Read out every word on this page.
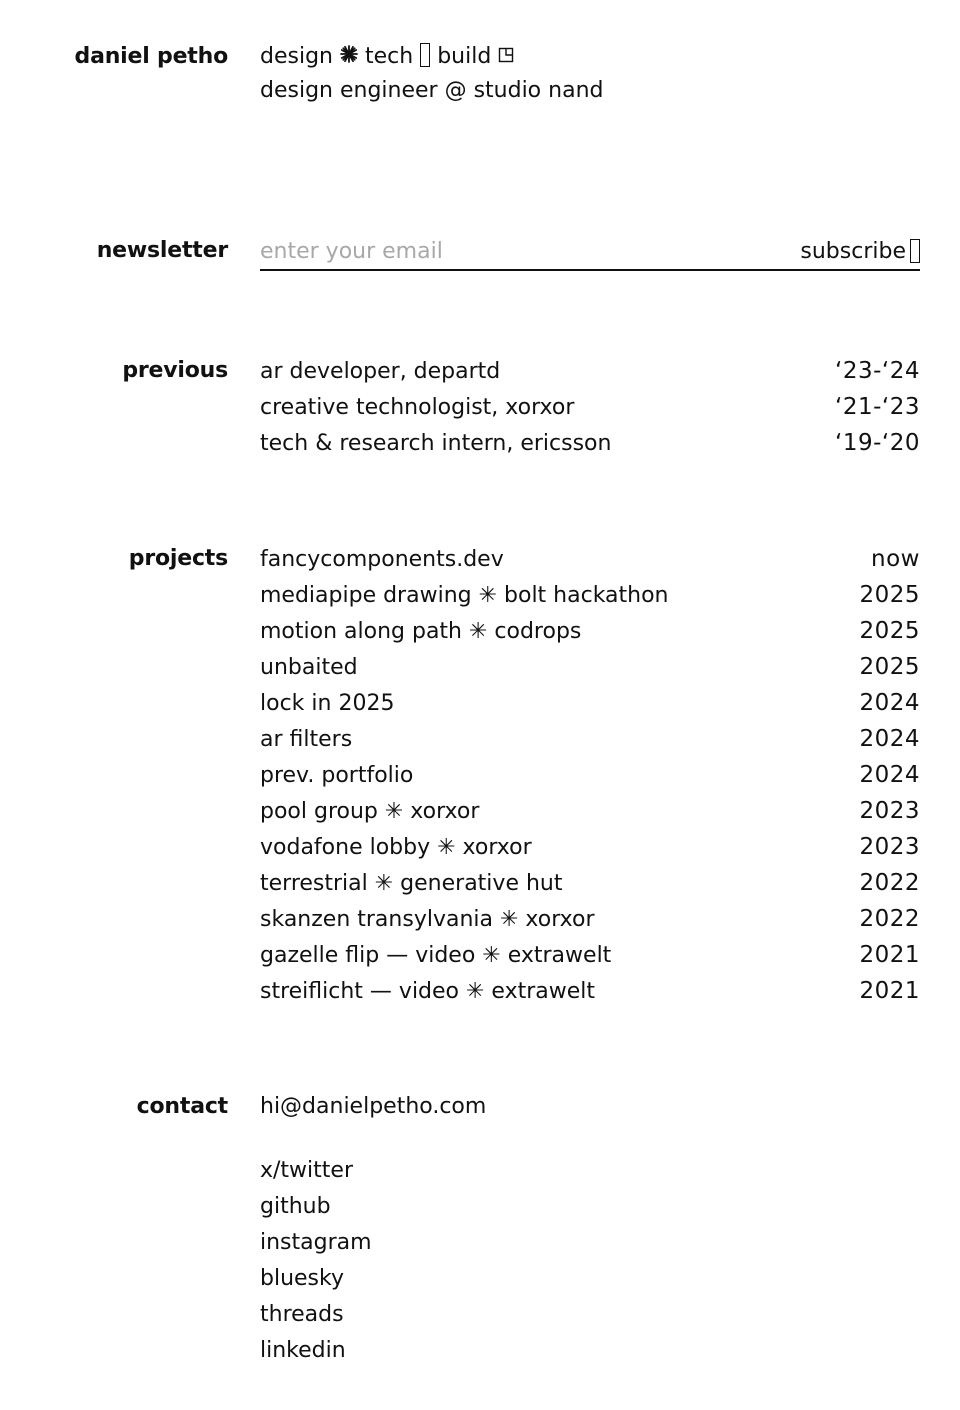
daniel petho design tech build
design engineer @ studio nand
newsletter
enter your email	subscribe
previous ar developer, departd	‘23-‘24
creative technologist, xorxor	‘21-‘23
tech & research intern, ericsson	‘19-‘20
projects fancycomponents.dev	now
mediapipe drawing ✳ bolt hackathon	2025
motion along path ✳ codrops	2025
unbaited	2025
lock in 2025	2024
ar filters	2024
prev. portfolio	2024
pool group ✳ xorxor	2023
vodafone lobby ✳ xorxor	2023
terrestrial ✳ generative hut	2022
skanzen transylvania ✳ xorxor	2022
gazelle flip — video ✳ extrawelt	2021
streiflicht — video ✳ extrawelt	2021
contact hi@danielpetho.com
x/twitter
github
instagram
bluesky
threads
linkedin
